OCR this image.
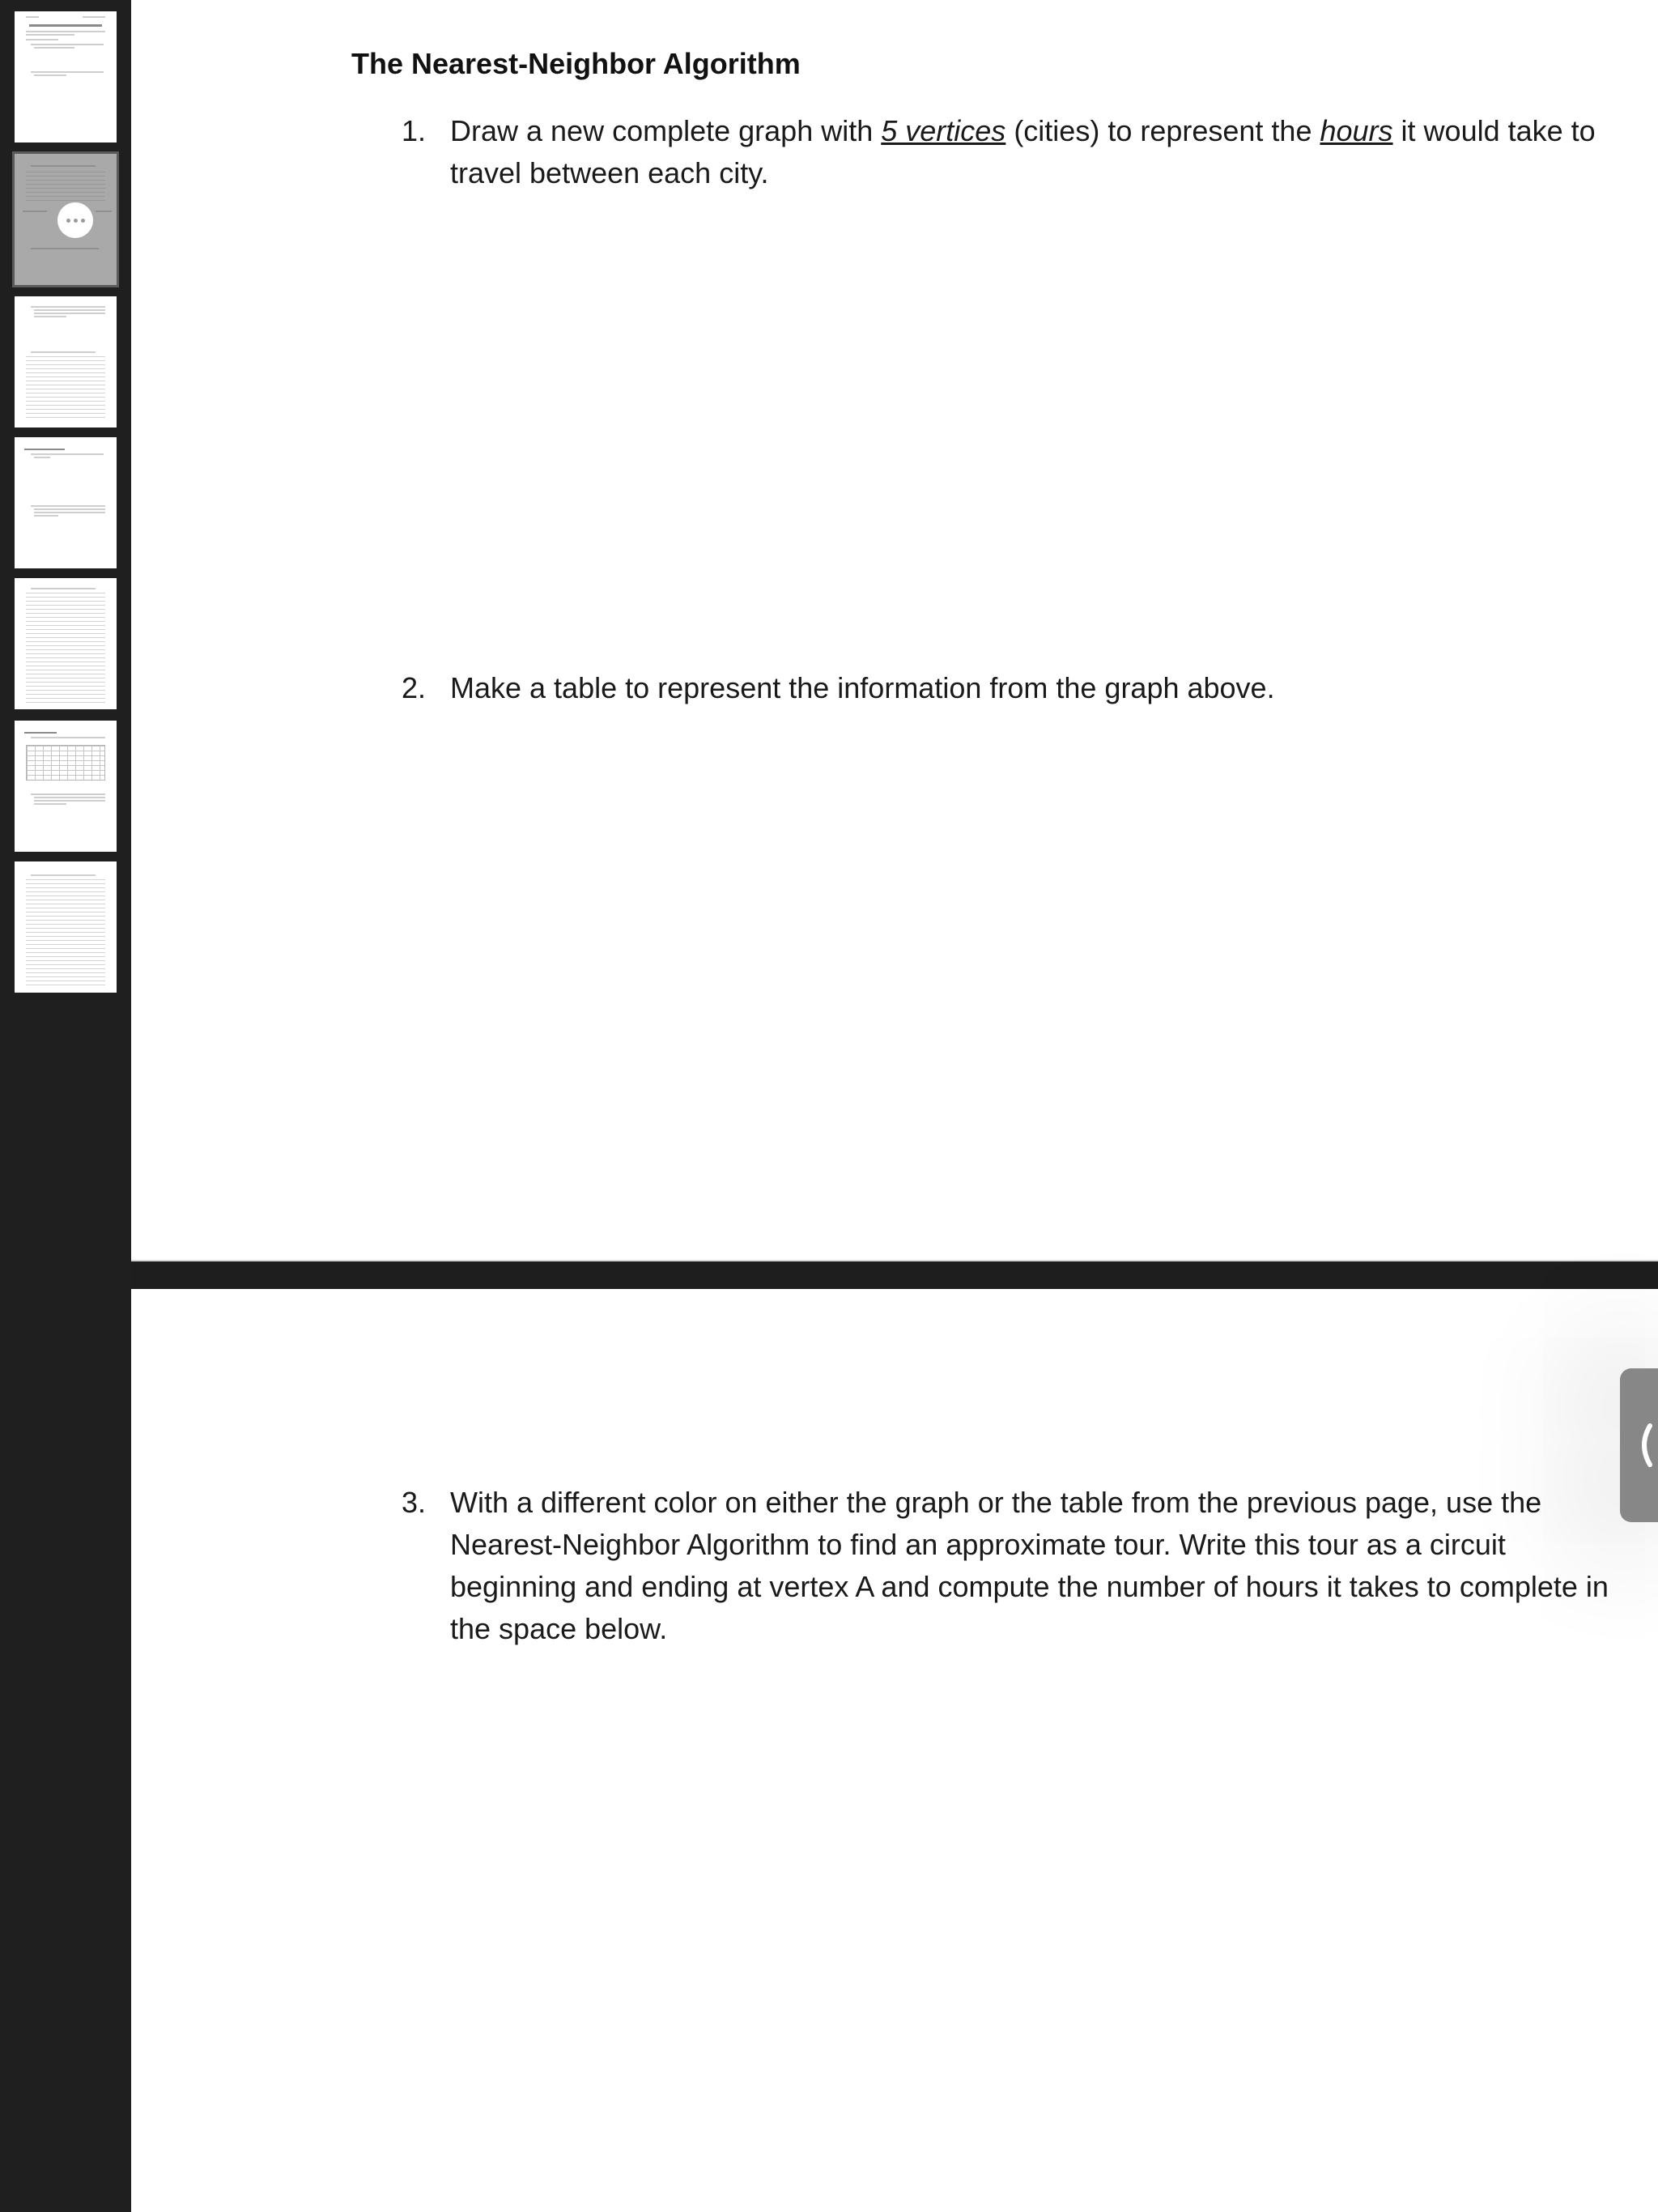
The Nearest-Neighbor Algorithm
1. Draw a new complete graph with 5 vertices (cities) to represent the hours it would take to travel between each city.
2. Make a table to represent the information from the graph above.
3. With a different color on either the graph or the table from the previous page, use the Nearest-Neighbor Algorithm to find an approximate tour. Write this tour as a circuit beginning and ending at vertex A and compute the number of hours it takes to complete in the space below.
